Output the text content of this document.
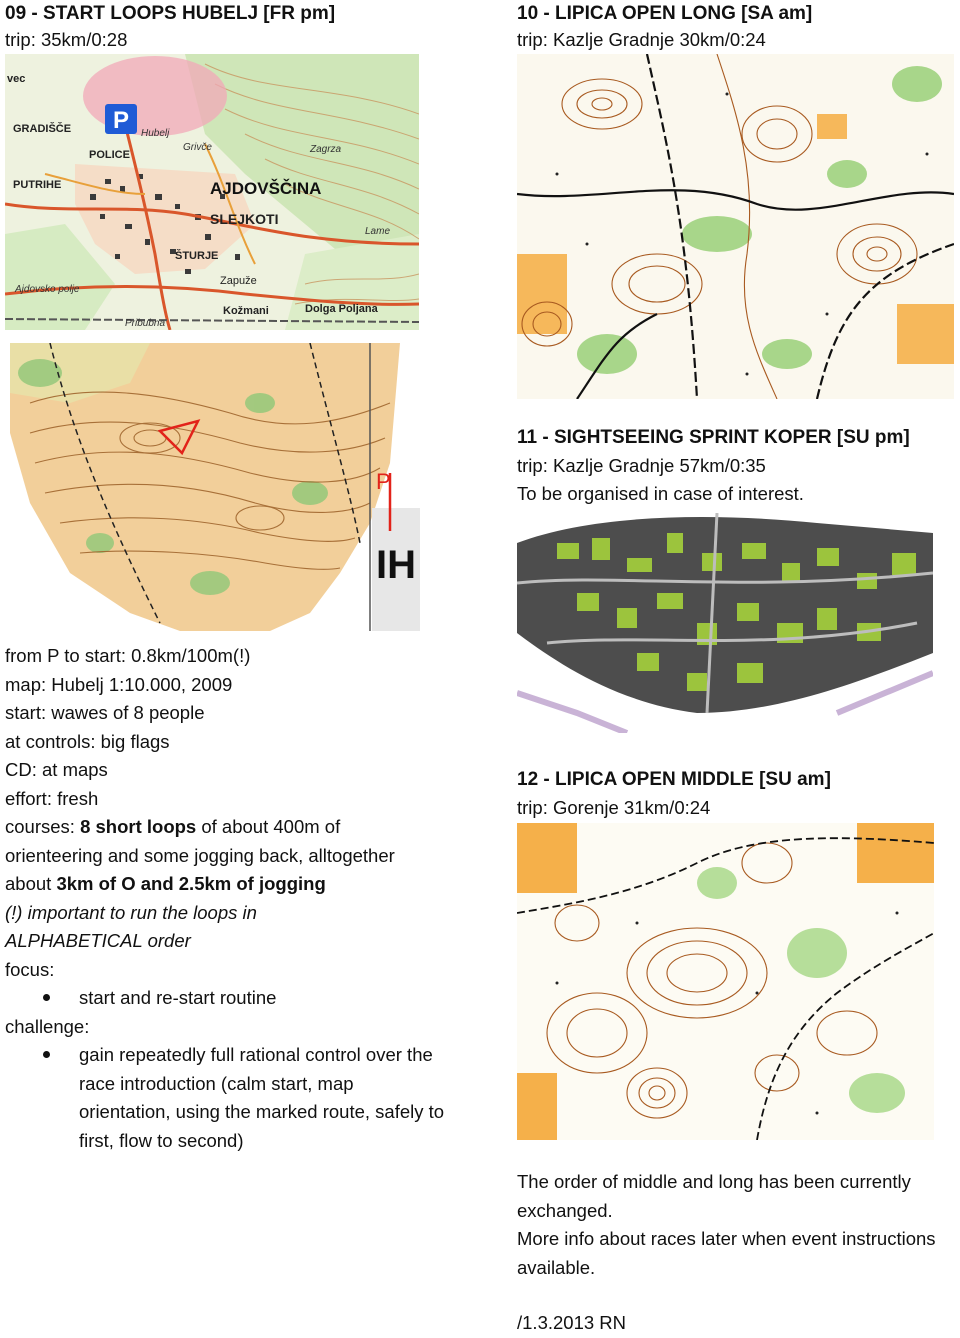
09 - START LOOPS HUBELJ [FR pm]
trip: 35km/0:28
P
vec
GRADIŠČE
POLICE
PUTRIHE
SLEJKOTI
ŠTURJE
Kožmani	Dolga Poljana
Zapuže
AJDOVŠČINA
Ajdovsko polje
Pribubna
Zagrza
Grivče
Hubelj
Lame
IH
P
from P to start: 0.8km/100m(!)
map: Hubelj 1:10.000, 2009
start: wawes of 8 people
at controls: big flags
CD: at maps
effort: fresh
courses: 8 short loops of about 400m of orienteering and some jogging back, alltogether about 3km of O and 2.5km of jogging
(!) important to run the loops in ALPHABETICAL order
focus:
start and re-start routine
challenge:
gain repeatedly full rational control over the race introduction (calm start, map orientation, using the marked route, safely to first, flow to second)
10 - LIPICA OPEN LONG [SA am]
trip: Kazlje Gradnje 30km/0:24
11 - SIGHTSEEING SPRINT KOPER [SU pm]
trip: Kazlje Gradnje 57km/0:35
To be organised in case of interest.
12 - LIPICA OPEN MIDDLE [SU am]
trip: Gorenje 31km/0:24
The order of middle and long has been currently exchanged.
More info about races later when event instructions available.
/1.3.2013 RN
